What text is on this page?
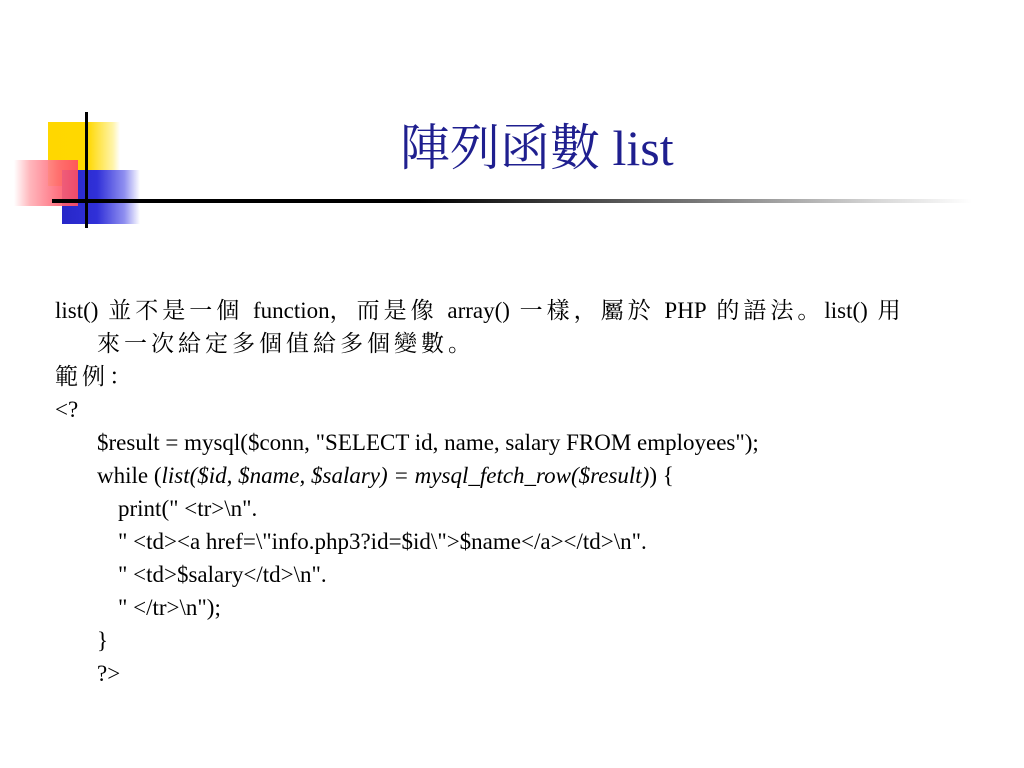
陣列函數 list
list() 並不是一個 function，而是像 array() 一樣，屬於 PHP 的語法。list() 用
來一次給定多個值給多個變數。
範例：
<?
$result = mysql($conn, "SELECT id, name, salary FROM employees");
while (list($id, $name, $salary) = mysql_fetch_row($result)) {
print(" <tr>\n".
" <td><a href=\"info.php3?id=$id\">$name</a></td>\n".
" <td>$salary</td>\n".
" </tr>\n");
}
?>
